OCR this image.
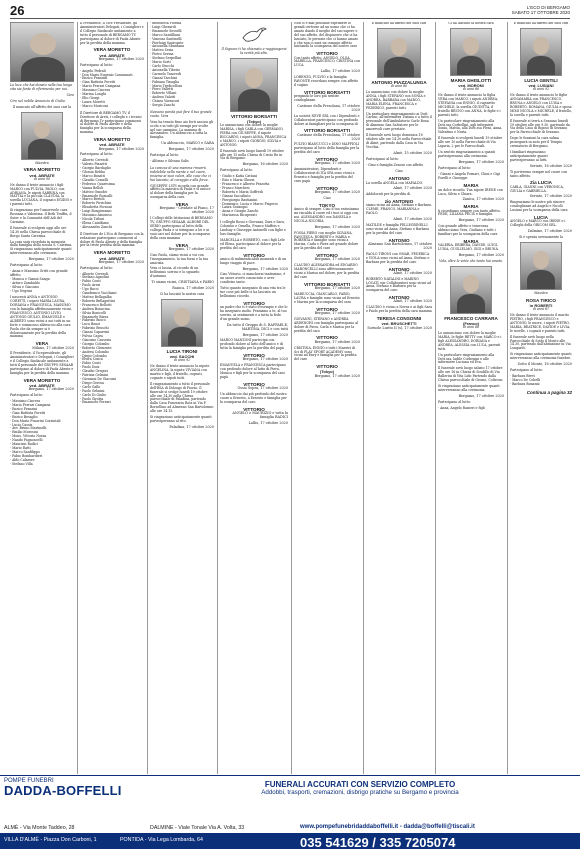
26	L'ECO DI BERGAMO
SABATO 17 OTTOBRE 2020

La luce che hai donato nella tua lunga vita sia fonte di riferimento per noi.

Ciro

Ciro nel nobile Annuncio di Giulio.

Il mancato all'affetto dei suoi cari la

Maestra

VERA MORETTO
ved. ABRATE

di anni 90

Ne danno il triste annuncio i figli MARCO con FULVIA, PAOLO, con ADRIANA, le nipoti SABRINA con MATTIA e la piccola CLAUDIA, la sorella LUCIANA, il cognato EGIDIO e i parenti tutti.

Si ringraziano per l'amorevole cura Rossana e Valentina. Il Beth Truffin, il Suter e la Comunità dell'Adi del Carmine.

Il funerale si svolgerà oggi alle ore 14.30 nella Chiesa parrocchiale di Borgo Santa Caterina.

La cara sarà ricordata in memoria dalla famiglia della scuola S. Caterina. Si ringraziano anticipatamente quanti interverranno alle cerimonie.

Bergamo, 17 ottobre 2020

Partecipano al lutto:

- Anna e Massimo Gritti con grande affetto
- Monica e Gianni Sanga
- Arturo Zambaldo
- Silvia e Giacomo
- Ugo Negrini

I nascenti ANNA e ANTONIO CORETTI, i nipoti MARIA LAURA, DORIANA e FRANCESCA, MASSIMO con la famiglia affettuosamente vicini, FRANCESCO, ANTONIO LIVIO, ANTONIO GIULIO, EMANUELE e ALBERTO sono vicini a noi tutti in un forte e commosso abbraccio alla cara Paola che da sempre si è dolorosamente per la perdita della mamma

VERA

Milano, 17 ottobre 2020

Il Presidente, il Vicepresidente, gli Amministratori e Delegati, i Consiglieri e il Collegio Sindacale unitamente a tutti il personale del GRUPPO SESAAB partecipano al dolore di Paola Abrate e famiglia per la perdita della mamma

VERA MORETTO
ved. ABRATE

Bergamo, 17 ottobre 2020

Partecipano al lutto:

- Massimo Cincera
- Mario Ferrari Campana
- Enrico Franzini
- Gian Battista Poretti
- Enrico Besaglio
- Don Mario Fusarini Corsintali
- Lucio Cassis
- Avv. Bruno Martinelli
- Emilio Morosini
- Mons. Vittorio Nozza
- Nando Pagnoncelli
- Maurizio Radici
- Mario Ratti
- Marco Sanfilippo
- Fabio Bombardieri
- Aldo Calarore
- Stefano Villa

Il Presidente, il Vice Presidente, gli Amministratori Delegati, i Consiglieri e il Collegio Sindacale unitamente a tutto il personale di BERGAMO TV partecipano al dolore di Paola Abrate per la perdita della mamma

VERA MORETTO
ved. ABRATE

Bergamo, 17 ottobre 2020

Partecipano al lutto:

- Angelo Pedrali
- Don Mario Eugenio Cassinmati
- Enrico Franzini
- Gian Battista Poretti
- Mario Ferrari Campana
- Massimo Cincera
- Marina Longhi
- Elio Giorgi
- Laura Moretti
- Marco Moriconi

Il Direttore di BERGAMO TV, il Direttore di Areti, i colleghi e i tecnici di Bergamo Tv partecipano commossi al dolore di Paola Abrate e della famiglia per la scomparsa della mamma

VERA MORETTO
ved. ABRATE

Bergamo, 17 ottobre 2020

Partecipano al lutto:

- Alberto Ceresoli
- Valerio Pianetti
- Giorgio Bardaglio
- Glorsia Rebba
- Marco Busatti
- Claudio Comelli
- Federico Quaresima
- Vanna Belloli
- Matteo Omodei
- Emanuele Roncalli
- Marco Bertoli
- Roberto Pirrichini
- Elisabetta Fornoni
- Luigi Bongiovanni
- Massimo Amoroso
- Nicola Tirloni
- Elena Catalfamo
- Alessandro Zanchi

Il Direttore de L'Eco di Bergamo con la redazione partecipano commossi al dolore di Paola Abrate e della famiglia per la triste perdita della mamma

VERA MORETTO
ved. ABRATE

Bergamo, 17 ottobre 2020

Partecipano al lutto:

- Alberto Ceresoli
- Stefano Agnolini
- Fabio Conti
- Paolo Aresi
- Ugo Bacci
- Gianfranco Vacchiani
- Matteo Bellagalba
- Roberto Bellagattini
- Francesco Bellotti
- Andrea Bonacina
- Silvia Bonicelli
- Emanuele Biava
- Fabrizio Bosco
- Luca Bonzi
- Fabrizio Bruschi
- Gianni Caparrini
- Fulvia Capra
- Giacomo Cassesio
- Giorgio Colombo
- Roberto Clemente
- Andrea Colombo
- Diego Colombo
- Elvira Conca
- Fabio Conti
- Paolo Doni
- Claudio Gregori
- Patrizia Gelmini
- Giovanni De Giacomi
- Diego Gerosa
- Carlo Gallo
- Paolo Gelmini
- Carlo Di Giulio
- Paolo Girotta
- Emanuele Ferrari
- Benedetta Fiorina
- Luigi Gherardi
- Emanuele Sesselli
- Marco Santilliani
- Vanessa Santinelli
- Pierluigi Saurcante
- Antonella Sbardana
- Matteo Sesia
- Pietro Serina
- Stefano Serpellini
- Mario Sorti
- Carlo Stucchi
- Antonella Tiberio
- Carmelo Tancredi
- Gianni Tarchini
- Fabiana Tinaglia
- Mario Tredicelloni
- Piero Valletti
- Roberto Villani
- Andrea Valotti
- Chiara Vavassori
- Sergio Zanchi

Nessuno parola può fare il tuo grande vuoto. Vera

Vera ha tenuto fisso aio forti ancora gli occhi e in tutti gli esempi per svolte nel suo cammino. La mamma di Alessandro. Un abbraccio a tutta la famiglia.

Un abbraccio, MARCO e SARA

Bergamo, 17 ottobre 2020

Partecipa al lutto:

- Alfonso e Silvana Salis

La carezza di una mamma rimarrà indelebile nella mente e nel cuore, insieme ai suoi valori, alle cose che ci hai lasciato, al coraggio e alla forza.

GIUSEPPE LUPI ricorda con grande affetto la maestra di Paola e si unisce al dolore della famiglia per la scomparsa della cara

VERA

Bergamo - Cividate al Piano, 17 ottobre 2020

I Collegi delle Istituzioni di BERGAMO TV, GRUPPO SESAAB, ALBORE DEL SERIO partecipano al lutto della collega Paola e si stringono a lei e ai suoi cari nel dolore per la scomparsa della cara mamma

VERA

Bergamo, 17 ottobre 2020

Ciao Paola, siamo vicini a voi con l'insegnamento, la tua forza e la tua amicizia.

Vera ci lascia, al ricordo di un bellissimo sorriso e lo sguardo d'autunno

Ti siamo vicini, CRISTIANA e FABIO

Ranica, 17 ottobre 2020

Ci ha lasciati la nostra cara

LUCIA TIRONI
ved. SACCHI

di anni 92

Ne danno il triste annuncio la nipote ANGELINA, la nipote VIVIANA con marito e figli, il fratello, cognati, cognate e nipoti tutti.

Il ringraziamento a tutto il personale dell'RSA di Dolzago di Piozzo. Il funerale si svolge lunedì 19 ottobre alle ore 14.30 nella Chiesa parrocchiale di Paladina, partendo dalla Casa Funeraria Rota in Via P. Borsellino ad Almenno San Bartolomeo alle ore 14.15.

Si ringraziano anticipatamente quanti parteciperanno al rito.

Paladina, 17 ottobre 2020

Il Signore ti ha chiamato e raggiungerai la verità più alta.

VITTORIO BORSATTI
(Tokyo)

Lo annunciano con dolore la moglie MARISA, i figli CARLA con GERMANO, PIERA con GIUSEPPE, il nipote RICCARDO, i nipoti ANNA, FRANCESCA e MARCO, i nipoti GIORGIO, SILVIA e ANTONIO.

Il funerale avrà luogo lunedì 19 ottobre alle ore 15 nella Chiesa di Cristo Re in Via di Bergamo.

Bergamo, 16 ottobre 2020

Partecipano al lutto:

- Giulio e Katia Cattani
- Ezio e Maria Ghezzi
- Francesco e Alberto Pezzotta
- Franco Marchesi
- Roberta e Maria Goffredi
- Gianni Saccalinto
- Piergiorgio Bastianini
- Domenico, Lucia e Marco Frigerio
- Laura Sonzogni
- Anna e Giorgio Zanchi
- Mariarosa Ricuperati

I colleghi Rossi e Giovanni, Zara e Sara, Colombo e Ornella, Franco Maffeis e Lindsay e Giuseppe Antonelli con figlie e loro famiglie.

MARCELLA e ROBERTO, con i figli Lele ed Elena, partecipano al dolore per la perdita del caro

VITTORIO

amico di indimenticabili momenti e di un lungo viaggio di pace.

Bergamo, 17 ottobre 2020

Ciao Vittorio, ci mancherai tantissimo; è un onore averti conosciuto e aver condiviso tanto.

Tutto quanto insegnato di una vita tra le tue cose più belle ci ha lasciato un bellissimo ricordo.

VITTORIO

un padre che ti è stato d'esempio e che lo ha insegnato molto. Pensiamo a te, al tuo sorriso, ai sentimenti e a tutta la fede d'un grande uomo.

Da tutto il Gruppo di S. RAFFAELE, MARTINA, DICI e con tutti

Bergamo, 17 ottobre 2020

MARCO MANZONI partecipa con profondo dolore al lutto dell'amico e di tutta la famiglia per la perdita del papà

VITTORIO

Bergamo, 17 ottobre 2020

EMANUELA e FRANCESCA partecipano con profondo dolore al lutto di Piera, Monica e figli per la scomparsa del caro papà

VITTORIO

Ossio Sopra, 17 ottobre 2020

Un abbraccio dai più profondo del nostro cuore a Ernesto, a Ernesto e famiglia per la scomparsa del caro

VITTORIO

ANGELO e MAURIZIO e tutta la famiglia RADICI

Lallio, 17 ottobre 2020

Non ci è mai possibile esprimere le grandi certezze ad un uomo che ci ha amato dando il meglio del suo sapere e del suo affetto, del dispiacere che ci ha lasciato, le persone che ci hanno amato e che non ci sarà un comune affetto lasciando la scomparsa del nostro caro

VITTORIO

Con tanto affetto, ANGELO, OLGA, MARELLA, FRANCESCO, CRISTINA con LUCA.

Lallio, 17 ottobre 2020

LORENZO, FULVIO e la famiglia PAVONTE ricordano sempre con affetto il cugino

VITTORIO BORSATTI

pregando le loro più sentite condoglianze.

Castione della Presolana, 17 ottobre 2020

La società NEVE SRL con i Dipendenti e Collaboratori partecipano con profondo dolore ai famigliari per la scomparsa di

VITTORIO BORSATTI

Castione della Presolana, 17 ottobre 2020

FULVIO BIANCUCCI e DINO MAFFIOLI partecipano al lutto della famiglia per la perdita del caro

VITTORIO

Bergamo, 17 ottobre 2020

Amministratori, Dipendenti e Collaboratori di ITA SPA sono vicini a Ernesto e famiglia per la perdita del caro papà

VITTORIO

Bergamo, 17 ottobre 2020

Ciao

TOKYO

Amico di sempre. Ciao il tuo entusiasmo mi riscalda il cuore ed i tuoi si oggi con noi. ALESSANDRO con DANIELA e NICOLA NICORIA

Bergamo, 17 ottobre 2020

FOSSA PIERO con moglie SILVANA, PANCESCA, ROBERTO e MARIA e ROBERTA e famiglie sono vicini a Marisa, Carla e Piera nel grande dolore per la perdita del caro

VITTORIO

Bergamo, 17 ottobre 2020

CLAUDIO ALESSANDRA ed EDOARDO MARONCELLI sono affettuosamente vicini a Marisa nel dolore, per la perdita del caro

VITTORIO BORSATTI

Bergamo, 17 ottobre 2020

MARIUCCIA, GIANCARLO, FABIO, LAURA e famiglie sono vicini ad Ernesto e Marisa per la scomparsa del caro

VITTORIO

Bergamo, 17 ottobre 2020

GIOVANNI, STEFANO e ANDREA ARDENGHI con famiglia partecipano al dolore di Piera, Carla e Marisa per la perdita del caro

VITTORIO

Bergamo, 17 ottobre 2020

CRISTINA, ENNIO e tutti i Maestri di Sci di PLAY SPORT ACADEMY sono vicini ad Enry e famiglia per la perdita del caro

VITTORIO
(Tokyo)

Bergamo, 17 ottobre 2020

È mancato all'affetto dei suoi cari

ANTONIO PIAZZALUNGA

di anni 80

Lo annunciano con dolore la moglie ANNA, i figli STEFANO con SONIA e ANDREA, BARBARA con MARCO, MARIA ELENA, FRANCESCA e FEDERICO, parenti tutti.

Un particolare ringraziamento ai Dott. Caruso, all'infermiera Tiziana e a tutto il personale dell'Ambulatorio Carlo Bona di Almenno San Salvatore per le amorevoli cure prestate.

Il funerale avrà luogo domenica 18 ottobre alle ore 14.30 nella Parrocchiale di Almè, partendo dalla Casa in Via Vecchia.

Almè, 15 ottobre 2020

Partecipano al lutto:

- Gino e famiglia Zenoni con affetto

Ciao

ANTONIO

La sorella ANGELA con MAFALDO.

Almè, 17 ottobre 2020

Addolorati per la perdita di

zio ANTONIO

siamo vicini ad Anna, Stefano e Barbara. CLEME, FRANCO, MARIANNA e PAOLO.

Almè, 17 ottobre 2020

MATILDE e famiglia PELLEGRINELLI sono vicini ad Anna, Stefano e Barbara per la perdita del caro

ANTONIO

Almenno San Bartolomeo, 17 ottobre 2020

PAOLO TIRONI con OMAR, FEDERICA e VIOLA sono vicini ad Anna, Stefano e Barbara per la perdita del caro

ANTONIO

Almè, 17 ottobre 2020

ROBERTO NATALINI e MARINO LOCATI con Collaboratori sono vicini ad Anna, Stefano e Barbara per la scomparsa del caro

ANTONIO

Almè, 17 ottobre 2020

CLAUDIO è vicino a Nerea e ai figli Sara e Paolo per la perdita della cara mamma

TERESA CONSONNI
ved. BRUSCHETTI

Sorisole Lurito II (s), 17 ottobre 2020

Ci ha lasciato la nostra cara

MARIA GHISLOTTI
ved. MORONI

di anni 86

Ne danno il triste annuncio la figlia VERA con MARCO, i nipoti ANDREA, STEFANIA con ENNIO, il cuginetto MICHELE, la sorella GIUDITTA, il fratello BRUNO con ANNA, le figlie e i parenti tutti.

Un particolare ringraziamento alla Dott.ssa Corbellini, agli infermieri Sonia, Mattia, alla Dott.ssa Pleni, Anna, Valentino e Nuria.

Il funerale si svolgerà lunedì 19 ottobre alle ore 10 nella Parrocchiale di Via Ligaria, 2 per le Parrocchiali.

Un sentito ringraziamento a quanti parteciperanno alla cerimonia.

Bergamo, 17 ottobre 2020

Partecipano al lutto:

- Gianni e Angela Fornari, Chini e Gigi Forelli e Giuseppe
MARIA

un dolce ricordo. Tua nipote IRENE con Luca, Silvia e Chiara.

Zanica, 17 ottobre 2020

MARIA

ti ricordiamo sempre con tanto affetto. FEDE, LILIANA PECIS e famiglia.

Bergamo, 17 ottobre 2020

Con grande affetto e tenerezza abbracciamo Vera, Giuliano e tutti i familiari per la scomparsa della cara

MARIA

VALERIA, ERIBERA, DAVIDE, LUIGI, LUISA, GUGLIELMO, GIGI e BRUNA.

Bergamo, 17 ottobre 2020

Vola, oltre le vette che tanto hai amato.

FRANCESCO CARRARA
(Franco)

di anni 86

Lo annunciano con dolore la moglie MARIA, le figlie BETTY con MARCO e i figli ALESSANDRO, DORIANA e ANDREA, ALESSIA con LUCA, parenti tutti.

Un particolare ringraziamento alla Dott.ssa, ladile Corbenini e alle infermiere Luciana ed Eva.

Il funerale avrà luogo sabato 17 ottobre alle ore 16 in Chiesa di Scudillo di Via Ballerini di Vita Lido Partendo dalla Chiesa parrocchiale di Gromo, Coltrone.

Si ringraziano anticipatamente quanti interverranno alla cerimonia.

Bergamo, 17 ottobre 2020

Partecipano al lutto:

- Anna, Angelo Raineri e figli

È mancato all'affetto dei suoi cari

LUCIA GENTILI
ved. LUSIANI

di anni 92

Ne danno il triste annuncio le figlie ANNAMARIA con FRANCESCO, BRUNA e ANGELO con LUISA e ROBERTO, ROMANA, GIULIA e sposa MIMI NICOLA e MICHELE, il fratello, la sorella e parenti tutti.

Il funerale si terrà a Sezzano lunedì 19 ottobre alle ore 9.30, partendo da Via della Casa di Riposo di Sezzano per la Parrocchiale di Sezzano.

Dopo le funzioni la cara salma proseguirà in auto per il Tempio crematorio di Bergamo.

I familiari ringraziano anticipatamente quanti parteciperanno ai lutti.

Seriate, 16 ottobre 2020

Ti porteremo sempre nel cuore con tanto affetto.

Zia LUCIA

CARLA, GIANNI con VERONICA, GIULIA e GABRIELLA.

Seriate, 17 ottobre 2020

Ringraziamo le nostre più sincere condoglianze ad Angelo e Nicolò Lusiani per la scomparsa della cara

LUCIA

ANGELO e MARCO con IRENE e i Colleghi della ORICOM SRL.

Dalmine, 17 ottobre 2020

Si è spenta serenamente la

Maestra

ROSA TIRICO
in ROBERTI

di anni 87

Ne danno il triste annuncio il marito PIETRO, i figli FRANCESCO e ANTONIO, le nuore, i nipoti PIETRO, MARIA, BEATRICE, DAVIDE e LIVIA, le sorelle, i cognati e parenti tutti.

Il funerale avrà luogo nella Parrocchiale di Sotto il Monte alle 14.30, partendo dall'abitazione in Via Longardi.

Si ringraziano anticipatamente quanti interverranno alla cerimonia funebre.

Sotto il Monte, 16 ottobre 2020

Partecipano al lutto:

- Barbara Brevi
- Marco De Cobelli
- Barbara Bonanni

Continua a pagina 32

POMPE FUNEBRI
DADDA-BOFFELLI	FUNERALI ACCURATI CON SERVIZIO COMPLETO
Addobbi, trasporti, cremazioni, disbrigo pratiche su Bergamo e provincia
ALMÈ - Via Monte Taddeo, 28	DALMINE - Viale Tonale Via A. Volta, 33
VILLA D'ALMÈ - Piazza Don Carboni, 1	PONTIDA - Via Lega Lombarda, 64
www.pompefunebridaddaboffelli.it - dadda@boffelli@tiscali.it
035 541629 / 335 7205074
